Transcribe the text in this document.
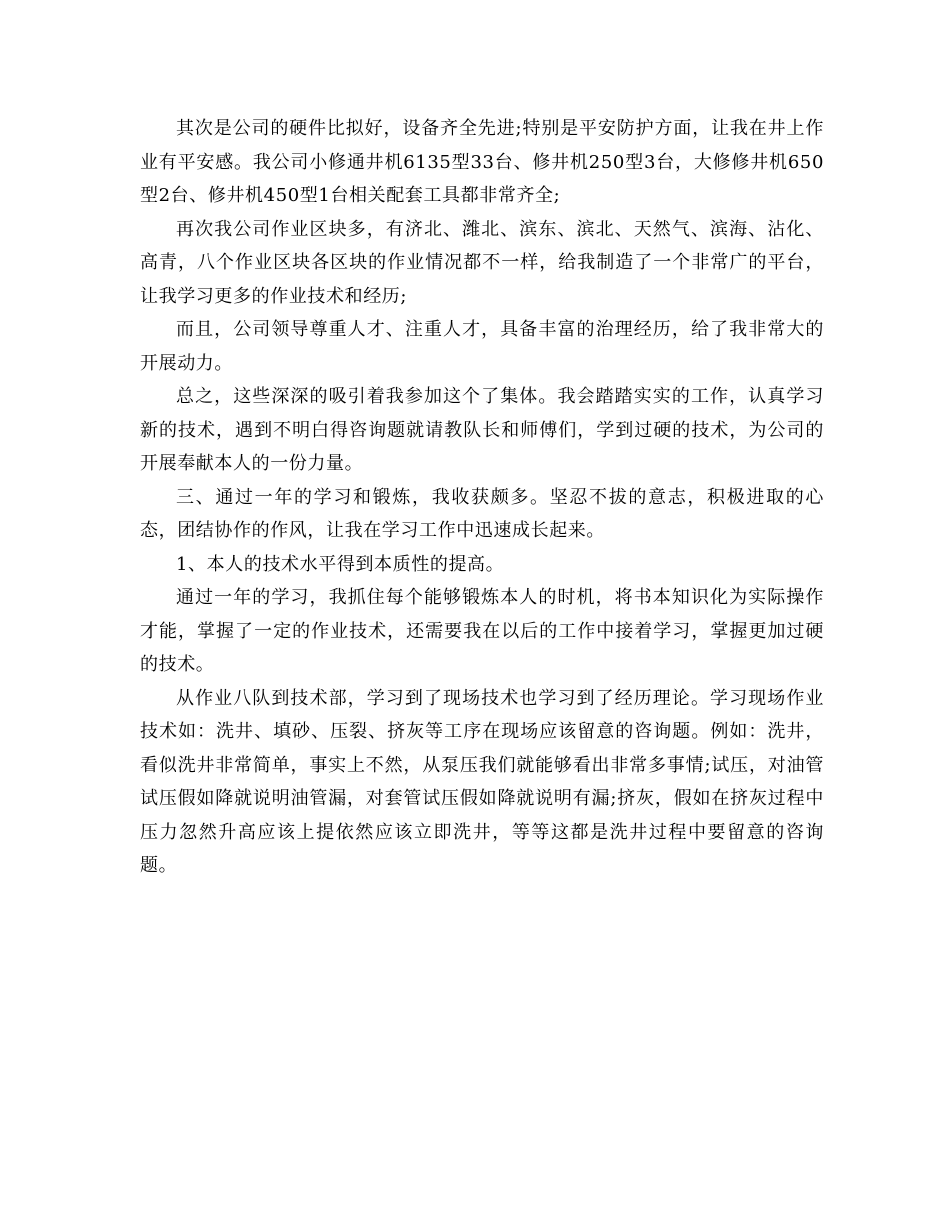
其次是公司的硬件比拟好，设备齐全先进;特别是平安防护方面，让我在井上作业有平安感。我公司小修通井机6135型33台、修井机250型3台，大修修井机650型2台、修井机450型1台相关配套工具都非常齐全;

再次我公司作业区块多，有济北、潍北、滨东、滨北、天然气、滨海、沾化、高青，八个作业区块各区块的作业情况都不一样，给我制造了一个非常广的平台，让我学习更多的作业技术和经历;

而且，公司领导尊重人才、注重人才，具备丰富的治理经历，给了我非常大的开展动力。

总之，这些深深的吸引着我参加这个了集体。我会踏踏实实的工作，认真学习新的技术，遇到不明白得咨询题就请教队长和师傅们，学到过硬的技术，为公司的开展奉献本人的一份力量。

三、通过一年的学习和锻炼，我收获颇多。坚忍不拔的意志，积极进取的心态，团结协作的作风，让我在学习工作中迅速成长起来。

1、本人的技术水平得到本质性的提高。

通过一年的学习，我抓住每个能够锻炼本人的时机，将书本知识化为实际操作才能，掌握了一定的作业技术，还需要我在以后的工作中接着学习，掌握更加过硬的技术。

从作业八队到技术部，学习到了现场技术也学习到了经历理论。学习现场作业技术如：洗井、填砂、压裂、挤灰等工序在现场应该留意的咨询题。例如：洗井，看似洗井非常简单，事实上不然，从泵压我们就能够看出非常多事情;试压，对油管试压假如降就说明油管漏，对套管试压假如降就说明有漏;挤灰，假如在挤灰过程中压力忽然升高应该上提依然应该立即洗井，等等这都是洗井过程中要留意的咨询题。
